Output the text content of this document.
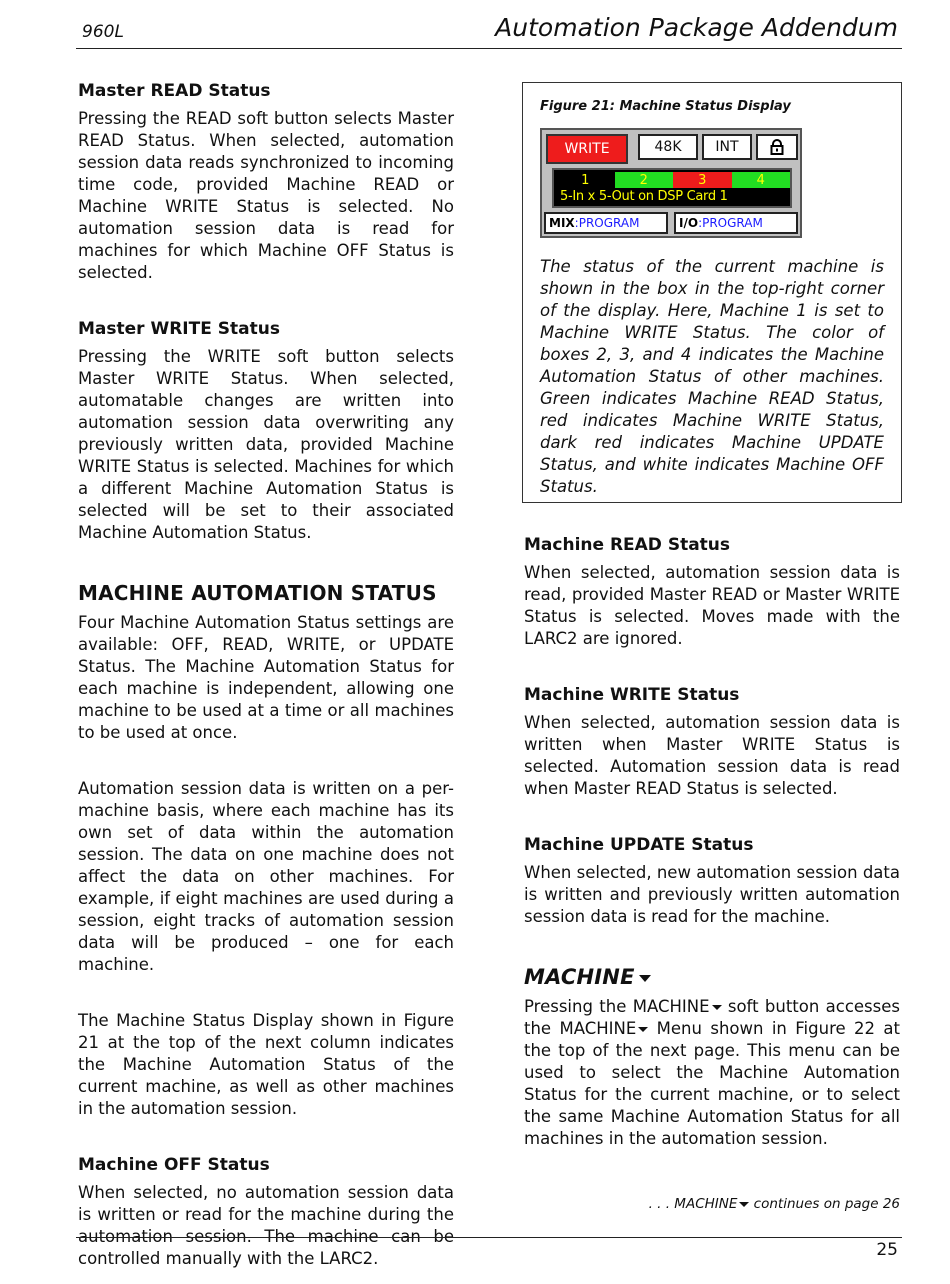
960L	Automation Package Addendum
Master READ Status

Pressing the READ soft button selects Master READ Status. When selected, automation session data reads synchronized to incoming time code, provided Machine READ or Machine WRITE Status is selected. No automation session data is read for machines for which Machine OFF Status is selected.

Master WRITE Status

Pressing the WRITE soft button selects Master WRITE Status. When selected, automatable changes are written into automation session data overwriting any previously written data, provided Machine WRITE Status is selected. Machines for which a different Machine Automation Status is selected will be set to their associated Machine Automation Status.

MACHINE AUTOMATION STATUS

Four Machine Automation Status settings are available: OFF, READ, WRITE, or UPDATE Status. The Machine Automation Status for each machine is independent, allowing one machine to be used at a time or all machines to be used at once.

Automation session data is written on a per-machine basis, where each machine has its own set of data within the automation session. The data on one machine does not affect the data on other machines. For example, if eight machines are used during a session, eight tracks of automation session data will be produced – one for each machine.

The Machine Status Display shown in Figure 21 at the top of the next column indicates the Machine Automation Status of the current machine, as well as other machines in the automation session.

Machine OFF Status

When selected, no automation session data is written or read for the machine during the automation session. The machine can be controlled manually with the LARC2.

Figure 21: Machine Status Display
WRITE	48K	INT
1	2	3	4
5-In x 5-Out on DSP Card 1
MIX :PROGRAM	I/O :PROGRAM

The status of the current machine is shown in the box in the top-right corner of the display. Here, Machine 1 is set to Machine WRITE Status. The color of boxes 2, 3, and 4 indicates the Machine Automation Status of other machines. Green indicates Machine READ Status, red indicates Machine WRITE Status, dark red indicates Machine UPDATE Status, and white indicates Machine OFF Status.

Machine READ Status

When selected, automation session data is read, provided Master READ or Master WRITE Status is selected. Moves made with the LARC2 are ignored.

Machine WRITE Status

When selected, automation session data is written when Master WRITE Status is selected. Automation session data is read when Master READ Status is selected.

Machine UPDATE Status

When selected, new automation session data is written and previously written automation session data is read for the machine.

MACHINE

Pressing the MACHINE soft button accesses the MACHINE Menu shown in Figure 22 at the top of the next page. This menu can be used to select the Machine Automation Status for the current machine, or to select the same Machine Automation Status for all machines in the automation session.

. . . MACHINE continues on page 26
25
